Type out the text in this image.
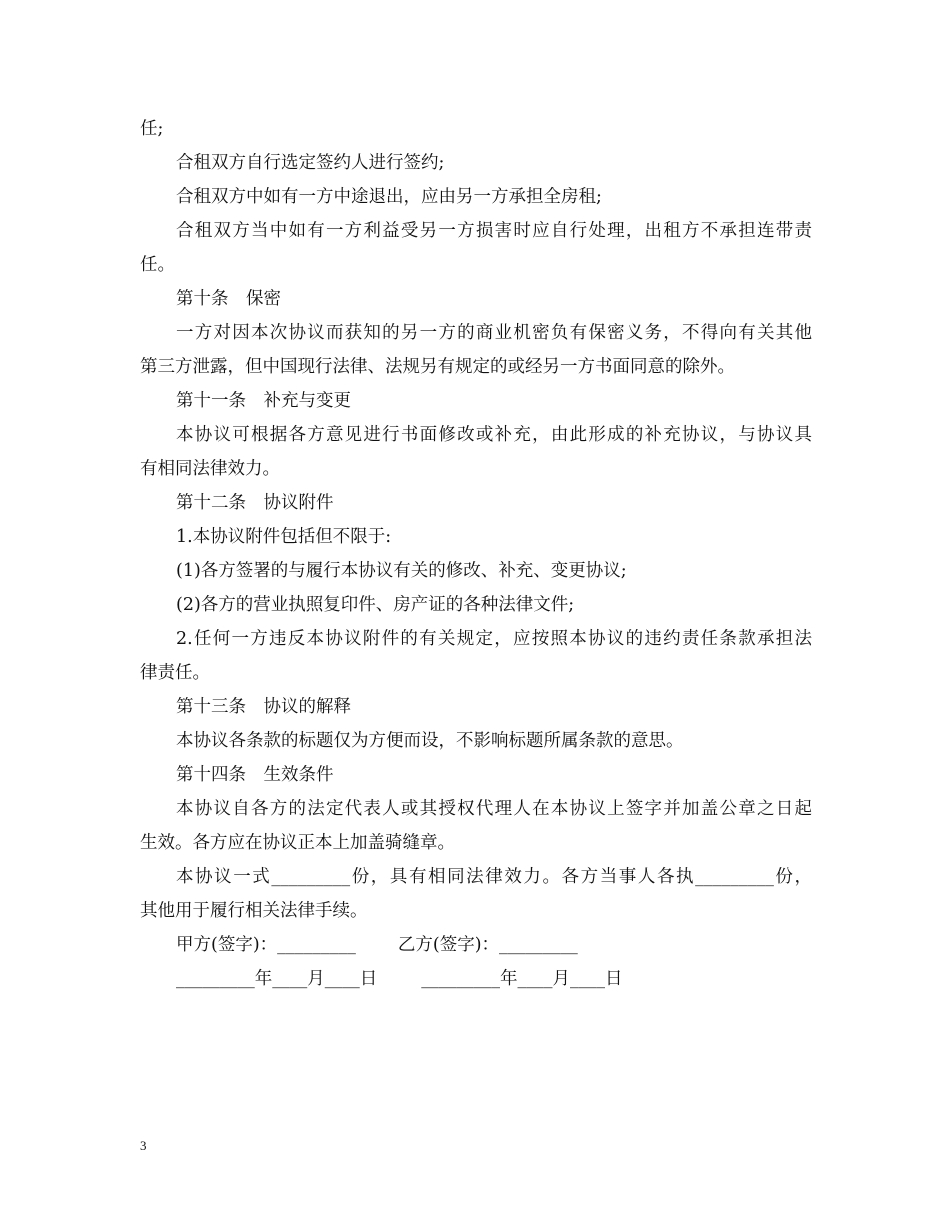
任;
合租双方自行选定签约人进行签约;
合租双方中如有一方中途退出，应由另一方承担全房租;
合租双方当中如有一方利益受另一方损害时应自行处理，出租方不承担连带责
任。
第十条　保密
一方对因本次协议而获知的另一方的商业机密负有保密义务，不得向有关其他
第三方泄露，但中国现行法律、法规另有规定的或经另一方书面同意的除外。
第十一条　补充与变更
本协议可根据各方意见进行书面修改或补充，由此形成的补充协议，与协议具
有相同法律效力。
第十二条　协议附件
1.本协议附件包括但不限于:
(1)各方签署的与履行本协议有关的修改、补充、变更协议;
(2)各方的营业执照复印件、房产证的各种法律文件;
2.任何一方违反本协议附件的有关规定，应按照本协议的违约责任条款承担法
律责任。
第十三条　协议的解释
本协议各条款的标题仅为方便而设，不影响标题所属条款的意思。
第十四条　生效条件
本协议自各方的法定代表人或其授权代理人在本协议上签字并加盖公章之日起
生效。各方应在协议正本上加盖骑缝章。
本协议一式_________份，具有相同法律效力。各方当事人各执_________份，
其他用于履行相关法律手续。
甲方(签字)：_________ 乙方(签字)：_________
_________年____月____日	_________年____月____日
3
